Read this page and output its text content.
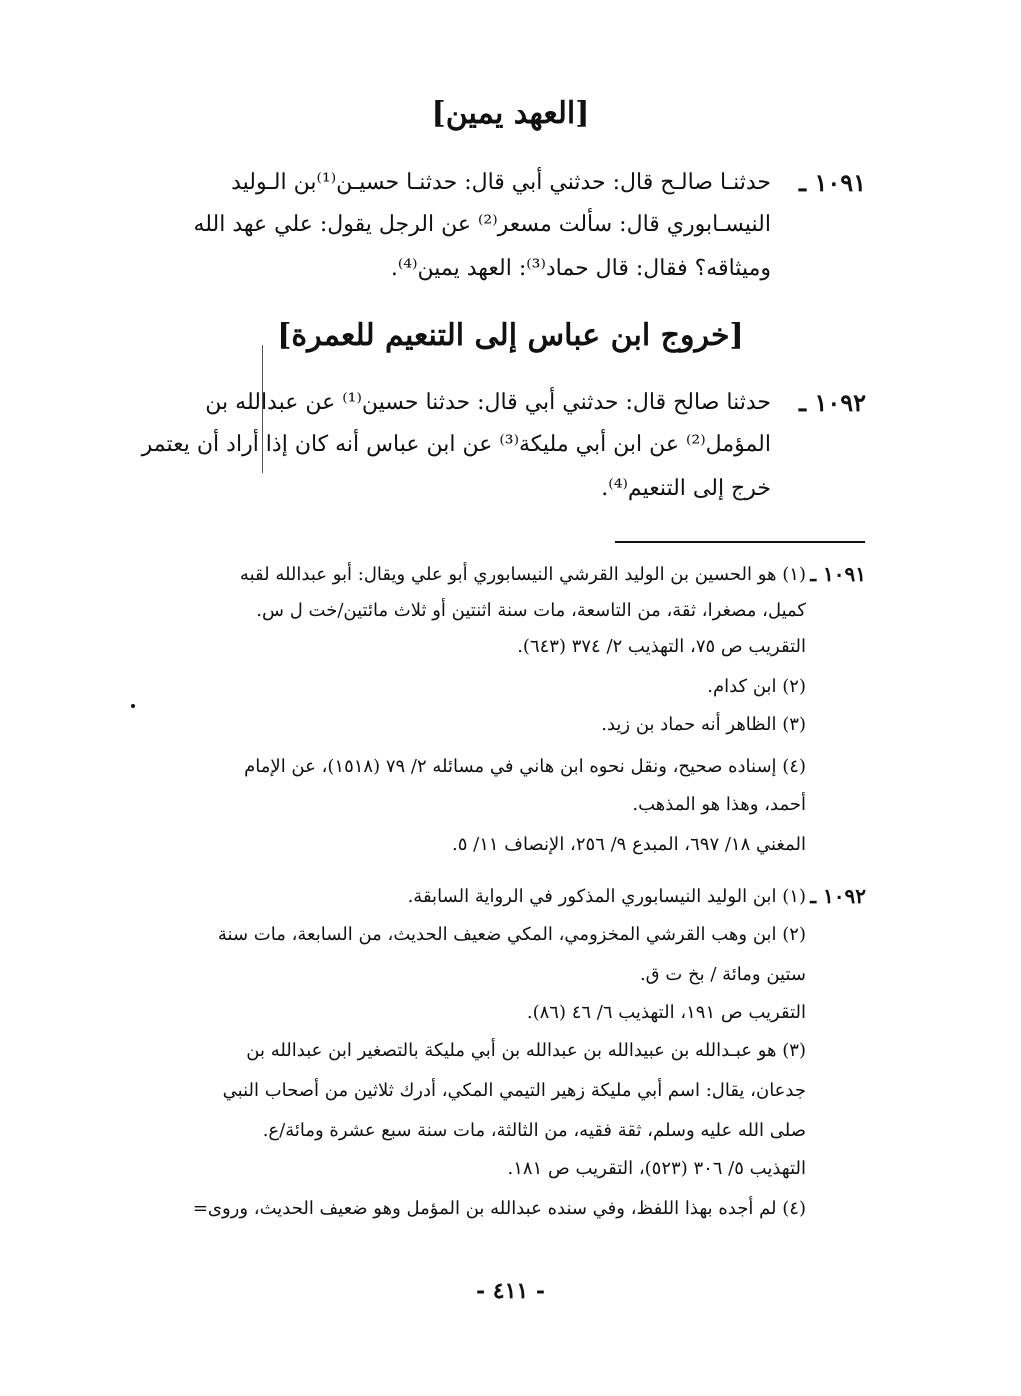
[العهد يمين]
١٠٩١ ـ
حدثنـا صالـح قال: حدثني أبي قال: حدثنـا حسيـن⁽¹⁾بن الـوليد
النيسـابوري قال: سألت مسعر⁽²⁾ عن الرجل يقول: علي عهد الله
وميثاقه؟ فقال: قال حماد⁽³⁾: العهد يمين⁽⁴⁾.
[خروج ابن عباس إلى التنعيم للعمرة]
١٠٩٢ ـ
حدثنا صالح قال: حدثني أبي قال: حدثنا حسين⁽¹⁾ عن عبدالله بن
المؤمل⁽²⁾ عن ابن أبي مليكة⁽³⁾ عن ابن عباس أنه كان إذا أراد أن يعتمر
خرج إلى التنعيم⁽⁴⁾.
١٠٩١ ـ
(١) هو الحسين بن الوليد القرشي النيسابوري أبو علي ويقال: أبو عبدالله لقبه
كميل، مصغرا، ثقة، من التاسعة، مات سنة اثنتين أو ثلاث مائتين/خت ل س.
التقريب ص ٧٥، التهذيب ٢/ ٣٧٤ (٦٤٣).
(٢) ابن كدام.
(٣) الظاهر أنه حماد بن زيد.
(٤) إسناده صحيح، ونقل نحوه ابن هاني في مسائله ٢/ ٧٩ (١٥١٨)، عن الإمام
أحمد، وهذا هو المذهب.
المغني ١٨/ ٦٩٧، المبدع ٩/ ٢٥٦، الإنصاف ١١/ ٥.
١٠٩٢ ـ
(١) ابن الوليد النيسابوري المذكور في الرواية السابقة.
(٢) ابن وهب القرشي المخزومي، المكي ضعيف الحديث، من السابعة، مات سنة
ستين ومائة / بخ ت ق.
التقريب ص ١٩١، التهذيب ٦/ ٤٦ (٨٦).
(٣) هو عبـدالله بن عبيدالله بن عبدالله بن أبي مليكة بالتصغير ابن عبدالله بن
جدعان، يقال: اسم أبي مليكة زهير التيمي المكي، أدرك ثلاثين من أصحاب النبي
صلى الله عليه وسلم، ثقة فقيه، من الثالثة، مات سنة سبع عشرة ومائة/ع.
التهذيب ٥/ ٣٠٦ (٥٢٣)، التقريب ص ١٨١.
(٤) لم أجده بهذا اللفظ، وفي سنده عبدالله بن المؤمل وهو ضعيف الحديث، وروى=
- ٤١١ -
